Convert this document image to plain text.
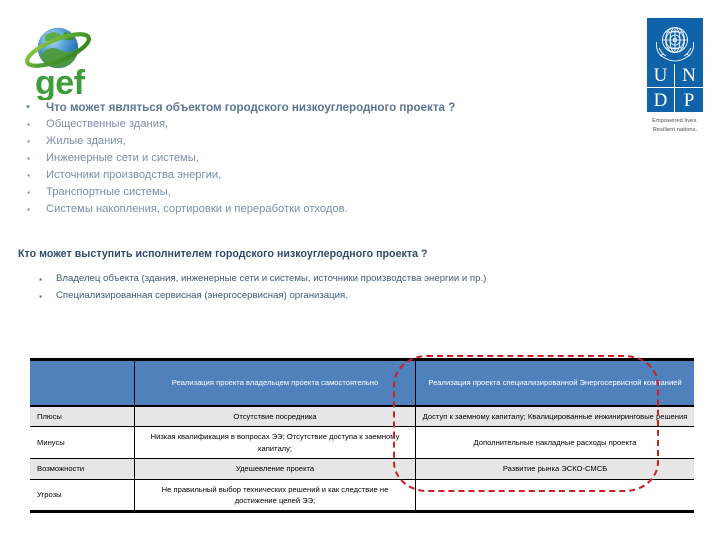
gef	U N
D P
Empowered lives.
Resilient nations.
•	Что может являться объектом городского низкоуглеродного проекта ?
▪	Общественные здания,
▪	Жилые здания,
▪	Инженерные сети и системы,
▪	Источники производства энергии,
▪	Транспортные системы,
▪	Системы накопления, сортировки и переработки отходов.
Кто может выступить исполнителем городского низкоуглеродного проекта ?
▪	Владелец объекта (здания, инженерные сети и системы, источники производства энергии и пр.)
▪	Специализированная сервисная (энергосервисная) организация.
	Реализация проекта владельцем проекта самостоятельно	Реализация проекта специализированной Энергосервисной компанией
Плюсы	Отсутствие посредника	Доступ к заемному капиталу; Квалицированные инжиниринговые решения
Минусы	Низкая квалификация в вопросах ЭЭ; Отсутствие доступа к заемному капиталу;	Дополнительные накладные расходы проекта
Возможности	Удешевление проекта	Развитие рынка ЭСКО-СМСБ
Угрозы	Не правильный выбор технических решений и как следствие не достижение целей ЭЭ;	
